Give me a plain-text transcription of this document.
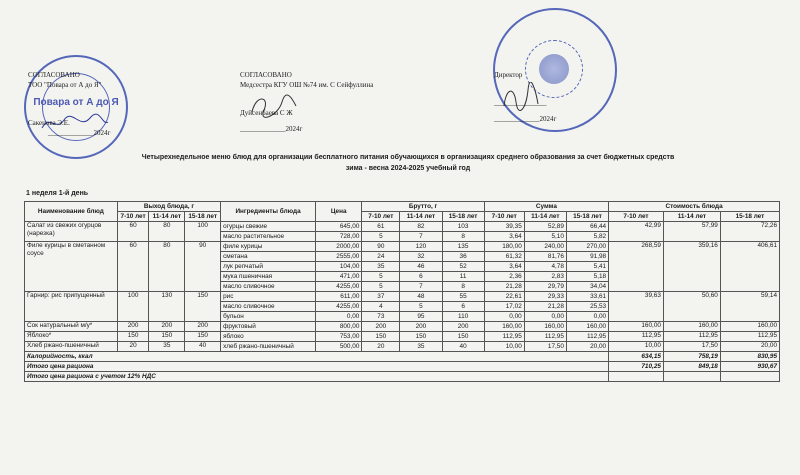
Повара от А до Я
СОГЛАСОВАНО
ТОО "Повара от А до Я"
Сакенова Э.Е.
_____________2024г
СОГЛАСОВАНО
Медсестра КГУ ОШ №74 им. С Сейфуллина
Дуйсенбаева С Ж
_____________2024г
Директор
_______________
_____________2024г
Четырехнедельное меню блюд для организации бесплатного питания обучающихся в организациях среднего образования за счет бюджетных средств
зима - весна 2024-2025 учебный год
1 неделя 1-й день
Наименование блюд	Выход блюда, г			Ингредиенты блюда	Цена	Брутто, г			Сумма			Стоимость блюда		
	7-10 лет	11-14 лет	15-18 лет			7-10 лет	11-14 лет	15-18 лет	7-10 лет	11-14 лет	15-18 лет	7-10 лет	11-14 лет	15-18 лет
Салат из свежих огурцов (нарезка)	60	80	100	огурцы свежие	645,00	61	82	103	39,35	52,89	66,44	42,99	57,99	72,26
				масло растительное	728,00	5	7	8	3,64	5,10	5,82			
Филе курицы в сметанном соусе	60	80	90	филе курицы	2000,00	90	120	135	180,00	240,00	270,00	268,59	359,16	406,61
				сметана	2555,00	24	32	36	61,32	81,76	91,98			
				лук репчатый	104,00	35	46	52	3,64	4,78	5,41			
				мука пшеничная	471,00	5	6	11	2,36	2,83	5,18			
				масло сливочное	4255,00	5	7	8	21,28	29,79	34,04			
Гарнир: рис припущенный	100	130	150	рис	611,00	37	48	55	22,61	29,33	33,61	39,63	50,60	59,14
				масло сливочное	4255,00	4	5	6	17,02	21,28	25,53			
				бульон	0,00	73	95	110	0,00	0,00	0,00			
Сок натуральный м/у*	200	200	200	фруктовый	800,00	200	200	200	160,00	160,00	160,00	160,00	160,00	160,00
Яблоко*	150	150	150	яблоко	753,00	150	150	150	112,95	112,95	112,95	112,95	112,95	112,95
Хлеб ржано-пшеничный	20	35	40	хлеб ржано-пшеничный	500,00	20	35	40	10,00	17,50	20,00	10,00	17,50	20,00
Калорийность, ккал												634,15	758,19	830,95
Итого цена рациона												710,25	849,18	930,67
Итого цена рациона с учетом 12% НДС														
